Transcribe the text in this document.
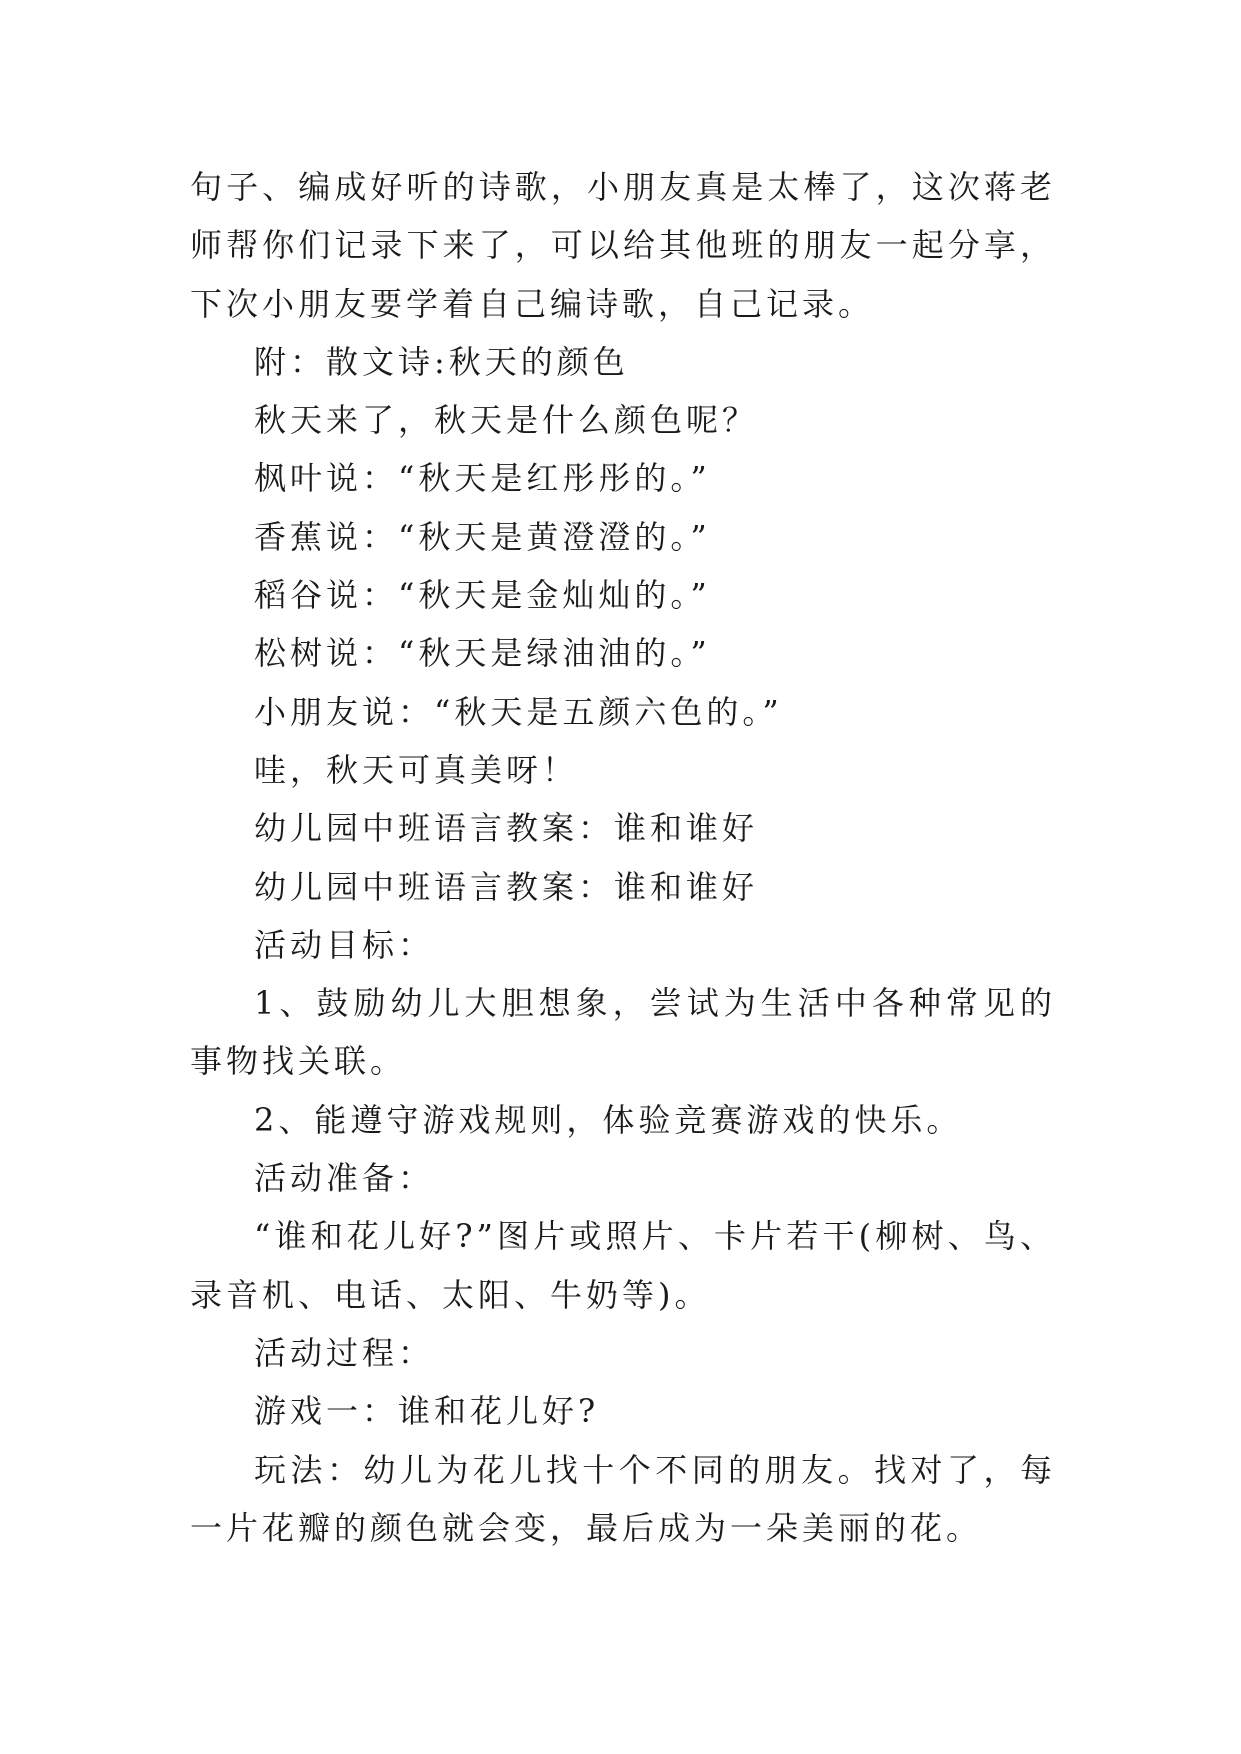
句子、编成好听的诗歌，小朋友真是太棒了，这次蒋老师帮你们记录下来了，可以给其他班的朋友一起分享，下次小朋友要学着自己编诗歌，自己记录。

附：散文诗:秋天的颜色

秋天来了，秋天是什么颜色呢？

枫叶说：“秋天是红彤彤的。”

香蕉说：“秋天是黄澄澄的。”

稻谷说：“秋天是金灿灿的。”

松树说：“秋天是绿油油的。”

小朋友说：“秋天是五颜六色的。”

哇，秋天可真美呀！

幼儿园中班语言教案：谁和谁好

幼儿园中班语言教案：谁和谁好

活动目标：

1、鼓励幼儿大胆想象，尝试为生活中各种常见的事物找关联。

2、能遵守游戏规则，体验竞赛游戏的快乐。

活动准备：

“谁和花儿好?”图片或照片、卡片若干(柳树、鸟、录音机、电话、太阳、牛奶等)。

活动过程：

游戏一：谁和花儿好?

玩法：幼儿为花儿找十个不同的朋友。找对了，每一片花瓣的颜色就会变，最后成为一朵美丽的花。
